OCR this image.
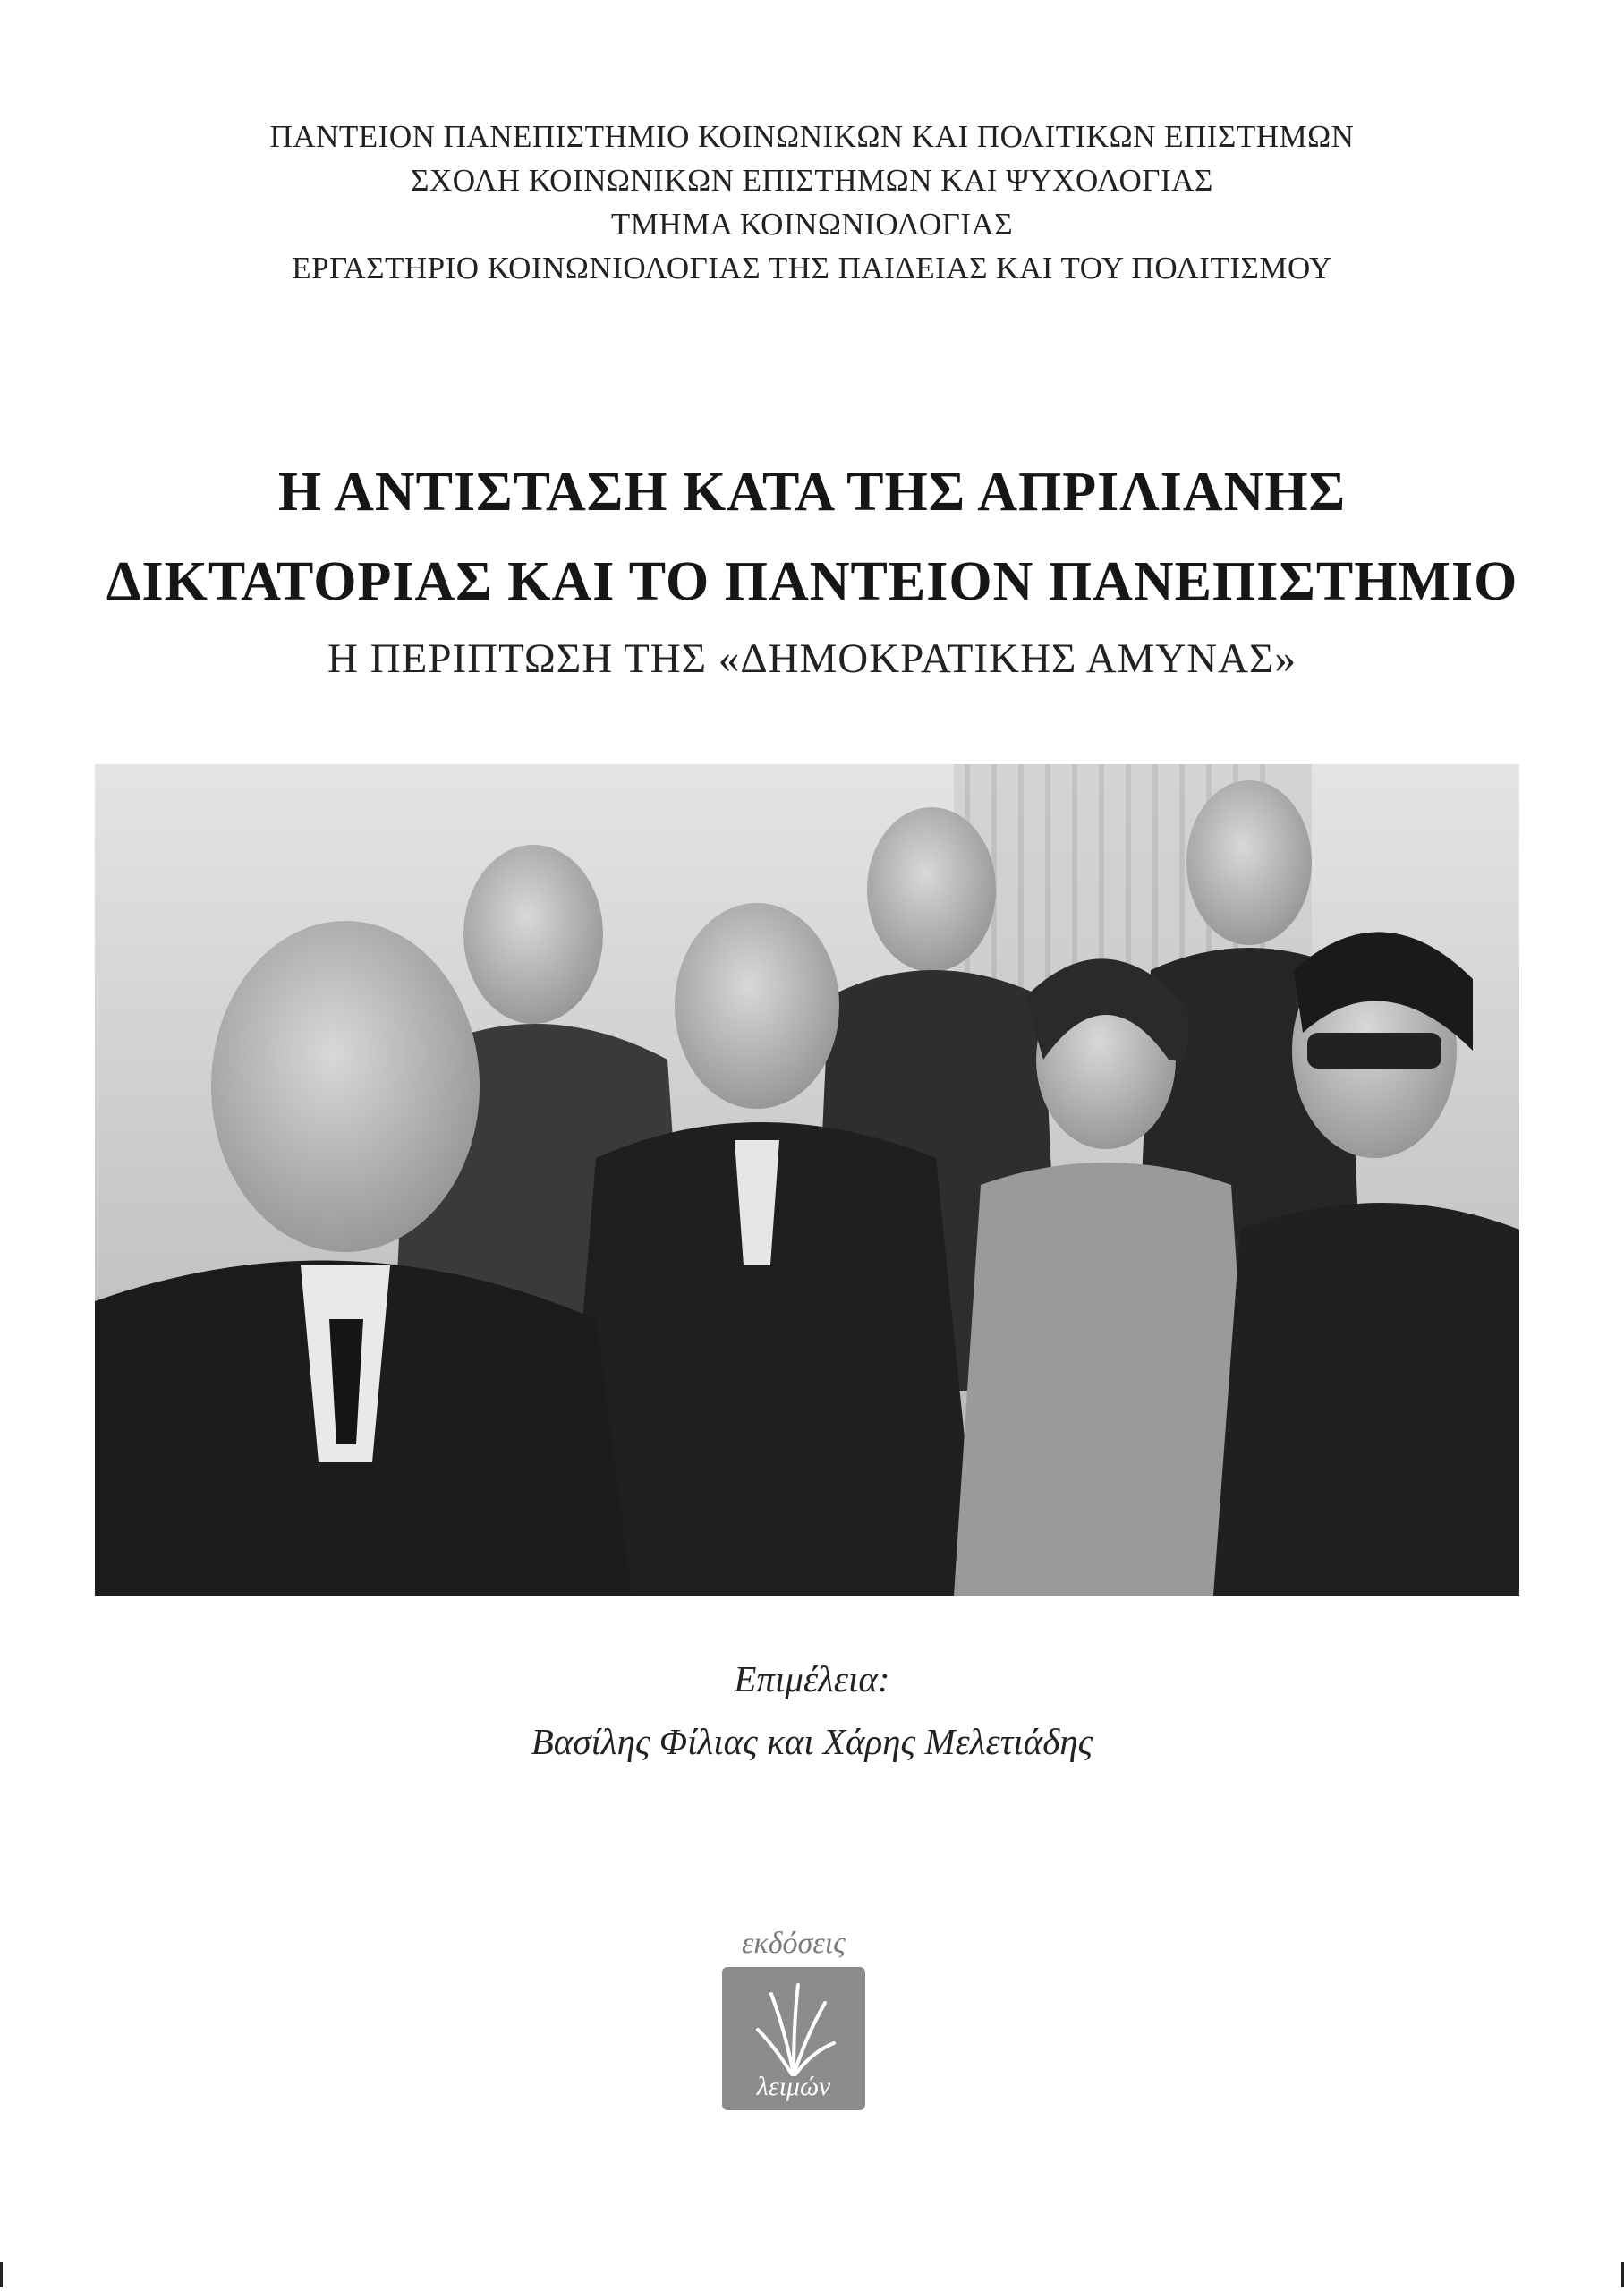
ΠΑΝΤΕΙΟΝ ΠΑΝΕΠΙΣΤΗΜΙΟ ΚΟΙΝΩΝΙΚΩΝ ΚΑΙ ΠΟΛΙΤΙΚΩΝ ΕΠΙΣΤΗΜΩΝ
ΣΧΟΛΗ ΚΟΙΝΩΝΙΚΩΝ ΕΠΙΣΤΗΜΩΝ ΚΑΙ ΨΥΧΟΛΟΓΙΑΣ
ΤΜΗΜΑ ΚΟΙΝΩΝΙΟΛΟΓΙΑΣ
ΕΡΓΑΣΤΗΡΙΟ ΚΟΙΝΩΝΙΟΛΟΓΙΑΣ ΤΗΣ ΠΑΙΔΕΙΑΣ ΚΑΙ ΤΟΥ ΠΟΛΙΤΙΣΜΟΥ
Η ΑΝΤΙΣΤΑΣΗ ΚΑΤΑ ΤΗΣ ΑΠΡΙΛΙΑΝΗΣ
ΔΙΚΤΑΤΟΡΙΑΣ ΚΑΙ ΤΟ ΠΑΝΤΕΙΟΝ ΠΑΝΕΠΙΣΤΗΜΙΟ
Η ΠΕΡΙΠΤΩΣΗ ΤΗΣ «ΔΗΜΟΚΡΑΤΙΚΗΣ ΑΜΥΝΑΣ»
Επιμέλεια:
Βασίλης Φίλιας και Χάρης Μελετιάδης
εκδόσεις
λειμών
